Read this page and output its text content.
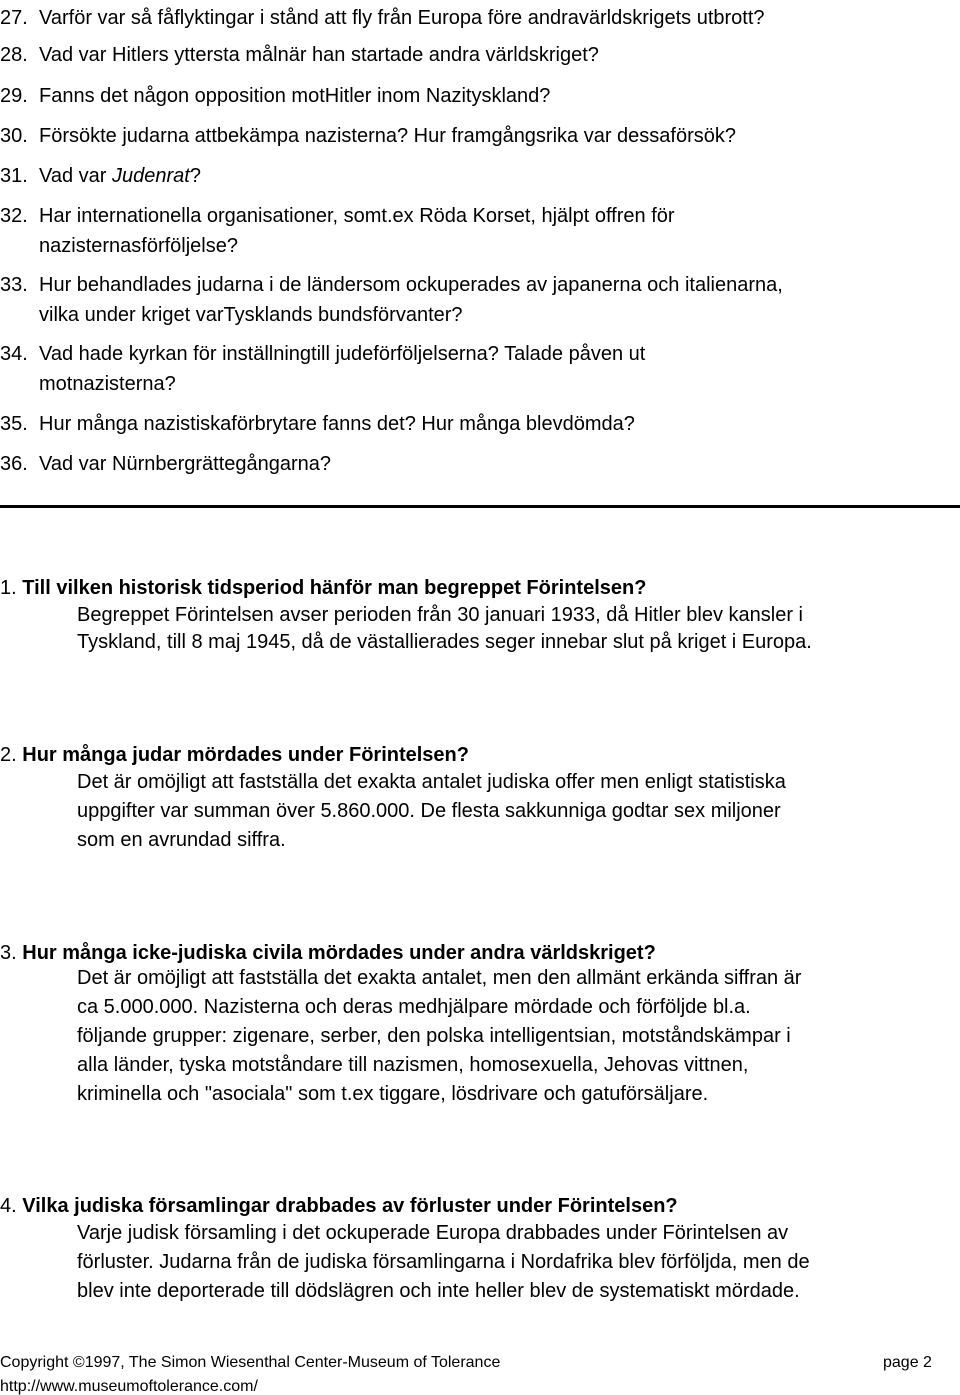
27. Varför var så fåflyktingar i stånd att fly från Europa före andravärldskrigets utbrott?
28. Vad var Hitlers yttersta målnär han startade andra världskriget?
29. Fanns det någon opposition motHitler inom Nazityskland?
30. Försökte judarna attbekämpa nazisterna? Hur framgångsrika var dessaförsök?
31. Vad var Judenrat?
32. Har internationella organisationer, somt.ex Röda Korset, hjälpt offren för
nazisternasförföljelse?
33. Hur behandlades judarna i de ländersom ockuperades av japanerna och italienarna,
vilka under kriget varTysklands bundsförvanter?
34. Vad hade kyrkan för inställningtill judeförföljelserna? Talade påven ut
motnazisterna?
35. Hur många nazistiskaförbrytare fanns det? Hur många blevdömda?
36. Vad var Nürnbergrättegångarna?
1. Till vilken historisk tidsperiod hänför man begreppet Förintelsen?
Begreppet Förintelsen avser perioden från 30 januari 1933, då Hitler blev kansler i
Tyskland, till 8 maj 1945, då de västallierades seger innebar slut på kriget i Europa.
2. Hur många judar mördades under Förintelsen?
Det är omöjligt att fastställa det exakta antalet judiska offer men enligt statistiska
uppgifter var summan över 5.860.000. De flesta sakkunniga godtar sex miljoner
som en avrundad siffra.
3. Hur många icke-judiska civila mördades under andra världskriget?
Det är omöjligt att fastställa det exakta antalet, men den allmänt erkända siffran är
ca 5.000.000. Nazisterna och deras medhjälpare mördade och förföljde bl.a.
följande grupper: zigenare, serber, den polska intelligentsian, motståndskämpar i
alla länder, tyska motståndare till nazismen, homosexuella, Jehovas vittnen,
kriminella och "asociala" som t.ex tiggare, lösdrivare och gatuförsäljare.
4. Vilka judiska församlingar drabbades av förluster under Förintelsen?
Varje judisk församling i det ockuperade Europa drabbades under Förintelsen av
förluster. Judarna från de judiska församlingarna i Nordafrika blev förföljda, men de
blev inte deporterade till dödslägren och inte heller blev de systematiskt mördade.
Copyright ©1997, The Simon Wiesenthal Center-Museum of Tolerance	page 2
http://www.museumoftolerance.com/
